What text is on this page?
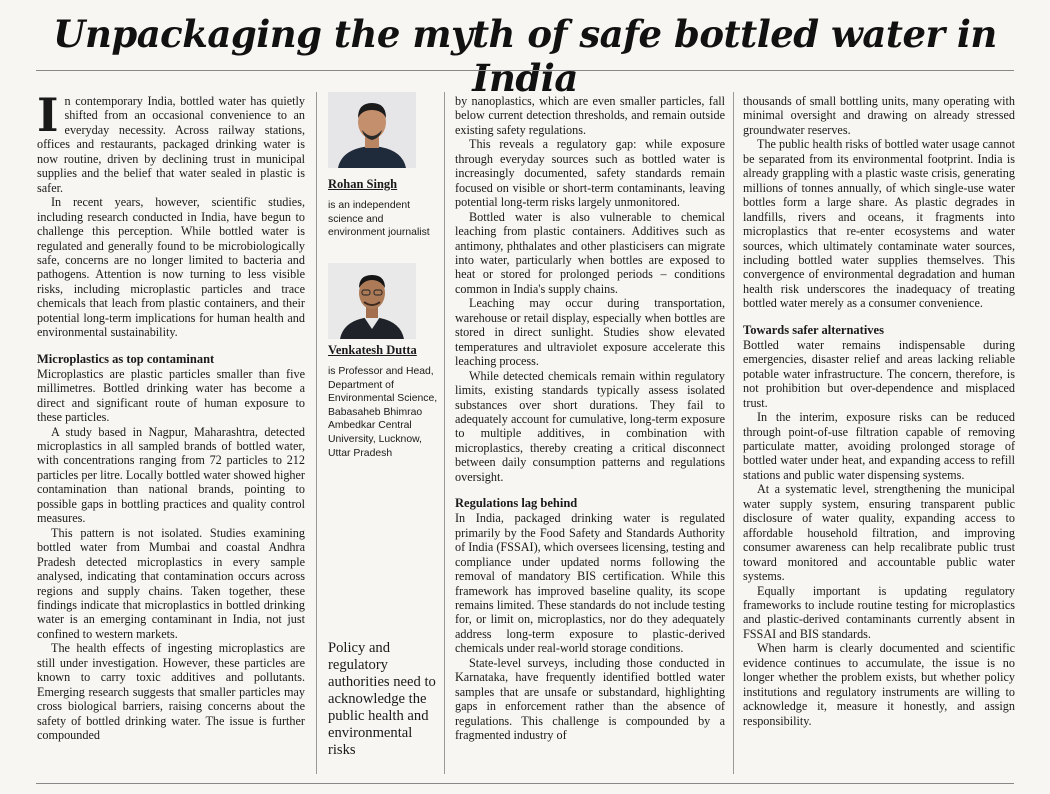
Unpackaging the myth of safe bottled water in India

In contemporary India, bottled water has quietly shifted from an occasional convenience to an everyday necessity. Across railway stations, offices and restaurants, packaged drinking water is now routine, driven by declining trust in municipal supplies and the belief that water sealed in plastic is safer.

In recent years, however, scientific studies, including research conducted in India, have begun to challenge this perception. While bottled water is regulated and generally found to be microbiologically safe, concerns are no longer limited to bacteria and pathogens. Attention is now turning to less visible risks, including microplastic particles and trace chemicals that leach from plastic containers, and their potential long-term implications for human health and environmental sustainability.

Microplastics as top contaminant

Microplastics are plastic particles smaller than five millimetres. Bottled drinking water has become a direct and significant route of human exposure to these particles.

A study based in Nagpur, Maharashtra, detected microplastics in all sampled brands of bottled water, with concentrations ranging from 72 particles to 212 particles per litre. Locally bottled water showed higher contamination than national brands, pointing to possible gaps in bottling practices and quality control measures.

This pattern is not isolated. Studies examining bottled water from Mumbai and coastal Andhra Pradesh detected microplastics in every sample analysed, indicating that contamination occurs across regions and supply chains. Taken together, these findings indicate that microplastics in bottled drinking water is an emerging contaminant in India, not just confined to western markets.

The health effects of ingesting microplastics are still under investigation. However, these particles are known to carry toxic additives and pollutants. Emerging research suggests that smaller particles may cross biological barriers, raising concerns about the safety of bottled drinking water. The issue is further compounded

Rohan Singh
is an independent science and environment journalist
Venkatesh Dutta
is Professor and Head, Department of Environmental Science, Babasaheb Bhimrao Ambedkar Central University, Lucknow, Uttar Pradesh
Policy and regulatory authorities need to acknowledge the public health and environmental risks

by nanoplastics, which are even smaller particles, fall below current detection thresholds, and remain outside existing safety regulations.

This reveals a regulatory gap: while exposure through everyday sources such as bottled water is increasingly documented, safety standards remain focused on visible or short-term contaminants, leaving potential long-term risks largely unmonitored.

Bottled water is also vulnerable to chemical leaching from plastic containers. Additives such as antimony, phthalates and other plasticisers can migrate into water, particularly when bottles are exposed to heat or stored for prolonged periods – conditions common in India's supply chains.

Leaching may occur during transportation, warehouse or retail display, especially when bottles are stored in direct sunlight. Studies show elevated temperatures and ultraviolet exposure accelerate this leaching process.

While detected chemicals remain within regulatory limits, existing standards typically assess isolated substances over short durations. They fail to adequately account for cumulative, long-term exposure to multiple additives, in combination with microplastics, thereby creating a critical disconnect between daily consumption patterns and regulations oversight.

Regulations lag behind

In India, packaged drinking water is regulated primarily by the Food Safety and Standards Authority of India (FSSAI), which oversees licensing, testing and compliance under updated norms following the removal of mandatory BIS certification. While this framework has improved baseline quality, its scope remains limited. These standards do not include testing for, or limit on, microplastics, nor do they adequately address long-term exposure to plastic-derived chemicals under real-world storage conditions.

State-level surveys, including those conducted in Karnataka, have frequently identified bottled water samples that are unsafe or substandard, highlighting gaps in enforcement rather than the absence of regulations. This challenge is compounded by a fragmented industry of

thousands of small bottling units, many operating with minimal oversight and drawing on already stressed groundwater reserves.

The public health risks of bottled water usage cannot be separated from its environmental footprint. India is already grappling with a plastic waste crisis, generating millions of tonnes annually, of which single-use water bottles form a large share. As plastic degrades in landfills, rivers and oceans, it fragments into microplastics that re-enter ecosystems and water sources, which ultimately contaminate water sources, including bottled water supplies themselves. This convergence of environmental degradation and human health risk underscores the inadequacy of treating bottled water merely as a consumer convenience.

Towards safer alternatives

Bottled water remains indispensable during emergencies, disaster relief and areas lacking reliable potable water infrastructure. The concern, therefore, is not prohibition but over-dependence and misplaced trust.

In the interim, exposure risks can be reduced through point-of-use filtration capable of removing particulate matter, avoiding prolonged storage of bottled water under heat, and expanding access to refill stations and public water dispensing systems.

At a systematic level, strengthening the municipal water supply system, ensuring transparent public disclosure of water quality, expanding access to affordable household filtration, and improving consumer awareness can help recalibrate public trust toward monitored and accountable public water systems.

Equally important is updating regulatory frameworks to include routine testing for microplastics and plastic-derived contaminants currently absent in FSSAI and BIS standards.

When harm is clearly documented and scientific evidence continues to accumulate, the issue is no longer whether the problem exists, but whether policy institutions and regulatory instruments are willing to acknowledge it, measure it honestly, and assign responsibility.
